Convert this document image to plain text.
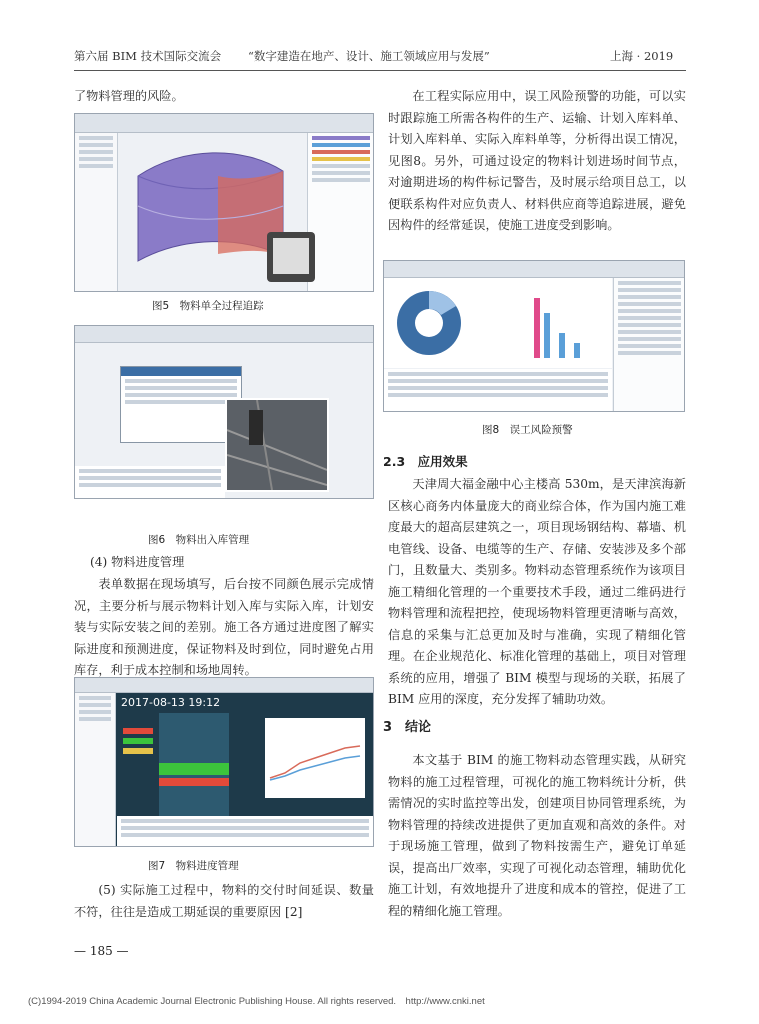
第六届 BIM 技术国际交流会 “数字建造在地产、设计、施工领域应用与发展”	上海 · 2019
了物料管理的风险。
图5　物料单全过程追踪
图6　物料出入库管理
(4) 物料进度管理
表单数据在现场填写，后台按不同颜色展示完成情况，主要分析与展示物料计划入库与实际入库，计划安装与实际安装之间的差别。施工各方通过进度图了解实际进度和预测进度，保证物料及时到位，同时避免占用库存，利于成本控制和场地周转。
2017-08-13 19:12
图7　物料进度管理
(5) 实际施工过程中，物料的交付时间延误、数量不符，往往是造成工期延误的重要原因 [2]
— 185 —
在工程实际应用中，误工风险预警的功能，可以实时跟踪施工所需各构件的生产、运输、计划入库料单、计划入库料单、实际入库料单等，分析得出误工情况，见图8。另外，可通过设定的物料计划进场时间节点，对逾期进场的构件标记警告，及时展示给项目总工，以便联系构件对应负责人、材料供应商等追踪进展，避免因构件的经常延误，使施工进度受到影响。
图8　误工风险预警
2.3　应用效果
天津周大福金融中心主楼高 530m，是天津滨海新区核心商务内体量庞大的商业综合体，作为国内施工难度最大的超高层建筑之一，项目现场钢结构、幕墙、机电管线、设备、电缆等的生产、存储、安装涉及多个部门，且数量大、类别多。物料动态管理系统作为该项目施工精细化管理的一个重要技术手段，通过二维码进行物料管理和流程把控，使现场物料管理更清晰与高效，信息的采集与汇总更加及时与准确，实现了精细化管理。在企业规范化、标准化管理的基础上，项目对管理系统的应用，增强了 BIM 模型与现场的关联，拓展了 BIM 应用的深度，充分发挥了辅助功效。
3　结论
本文基于 BIM 的施工物料动态管理实践，从研究物料的施工过程管理，可视化的施工物料统计分析，供需情况的实时监控等出发，创建项目协同管理系统，为物料管理的持续改进提供了更加直观和高效的条件。对于现场施工管理，做到了物料按需生产，避免订单延误，提高出厂效率，实现了可视化动态管理，辅助优化施工计划，有效地提升了进度和成本的管控，促进了工程的精细化施工管理。
(C)1994-2019 China Academic Journal Electronic Publishing House. All rights reserved.　http://www.cnki.net
